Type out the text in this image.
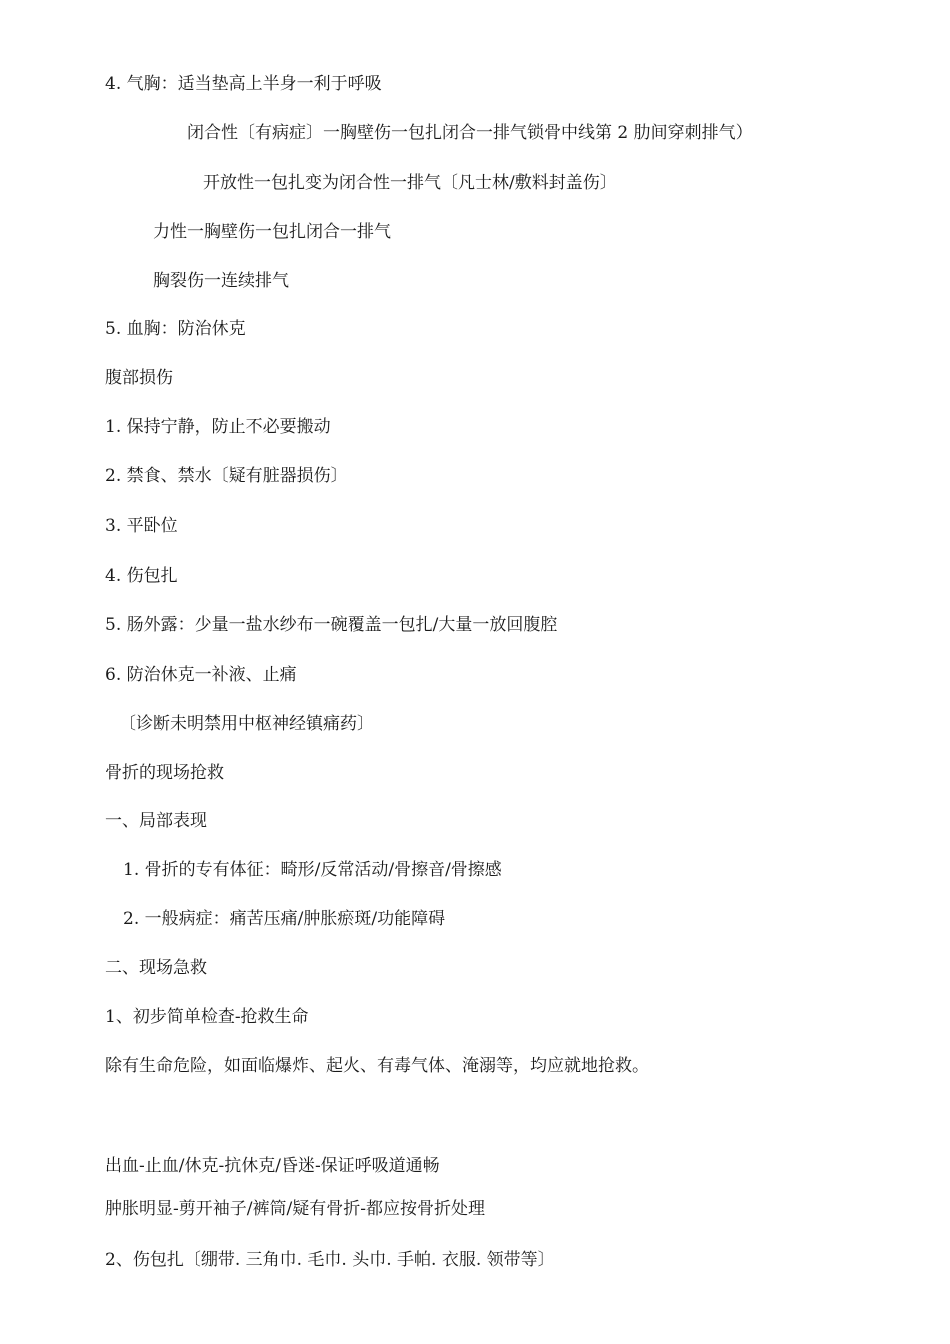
4. 气胸：适当垫高上半身一利于呼吸
闭合性〔有病症〕一胸壁伤一包扎闭合一排气锁骨中线第 2 肋间穿刺排气）
开放性一包扎变为闭合性一排气〔凡士林/敷料封盖伤〕
力性一胸壁伤一包扎闭合一排气
胸裂伤一连续排气
5. 血胸：防治休克
腹部损伤
1. 保持宁静，防止不必要搬动
2. 禁食、禁水〔疑有脏器损伤〕
3. 平卧位
4. 伤包扎
5. 肠外露：少量一盐水纱布一碗覆盖一包扎/大量一放回腹腔
6. 防治休克一补液、止痛
〔诊断未明禁用中枢神经镇痛药〕
骨折的现场抢救
一、局部表现
1. 骨折的专有体征：畸形/反常活动/骨擦音/骨擦感
2. 一般病症：痛苦压痛/肿胀瘀斑/功能障碍
二、现场急救
1、初步简单检查-抢救生命
除有生命危险，如面临爆炸、起火、有毒气体、淹溺等，均应就地抢救。
出血-止血/休克-抗休克/昏迷-保证呼吸道通畅
肿胀明显-剪开袖子/裤筒/疑有骨折-都应按骨折处理
2、伤包扎〔绷带. 三角巾. 毛巾. 头巾. 手帕. 衣服. 领带等〕
